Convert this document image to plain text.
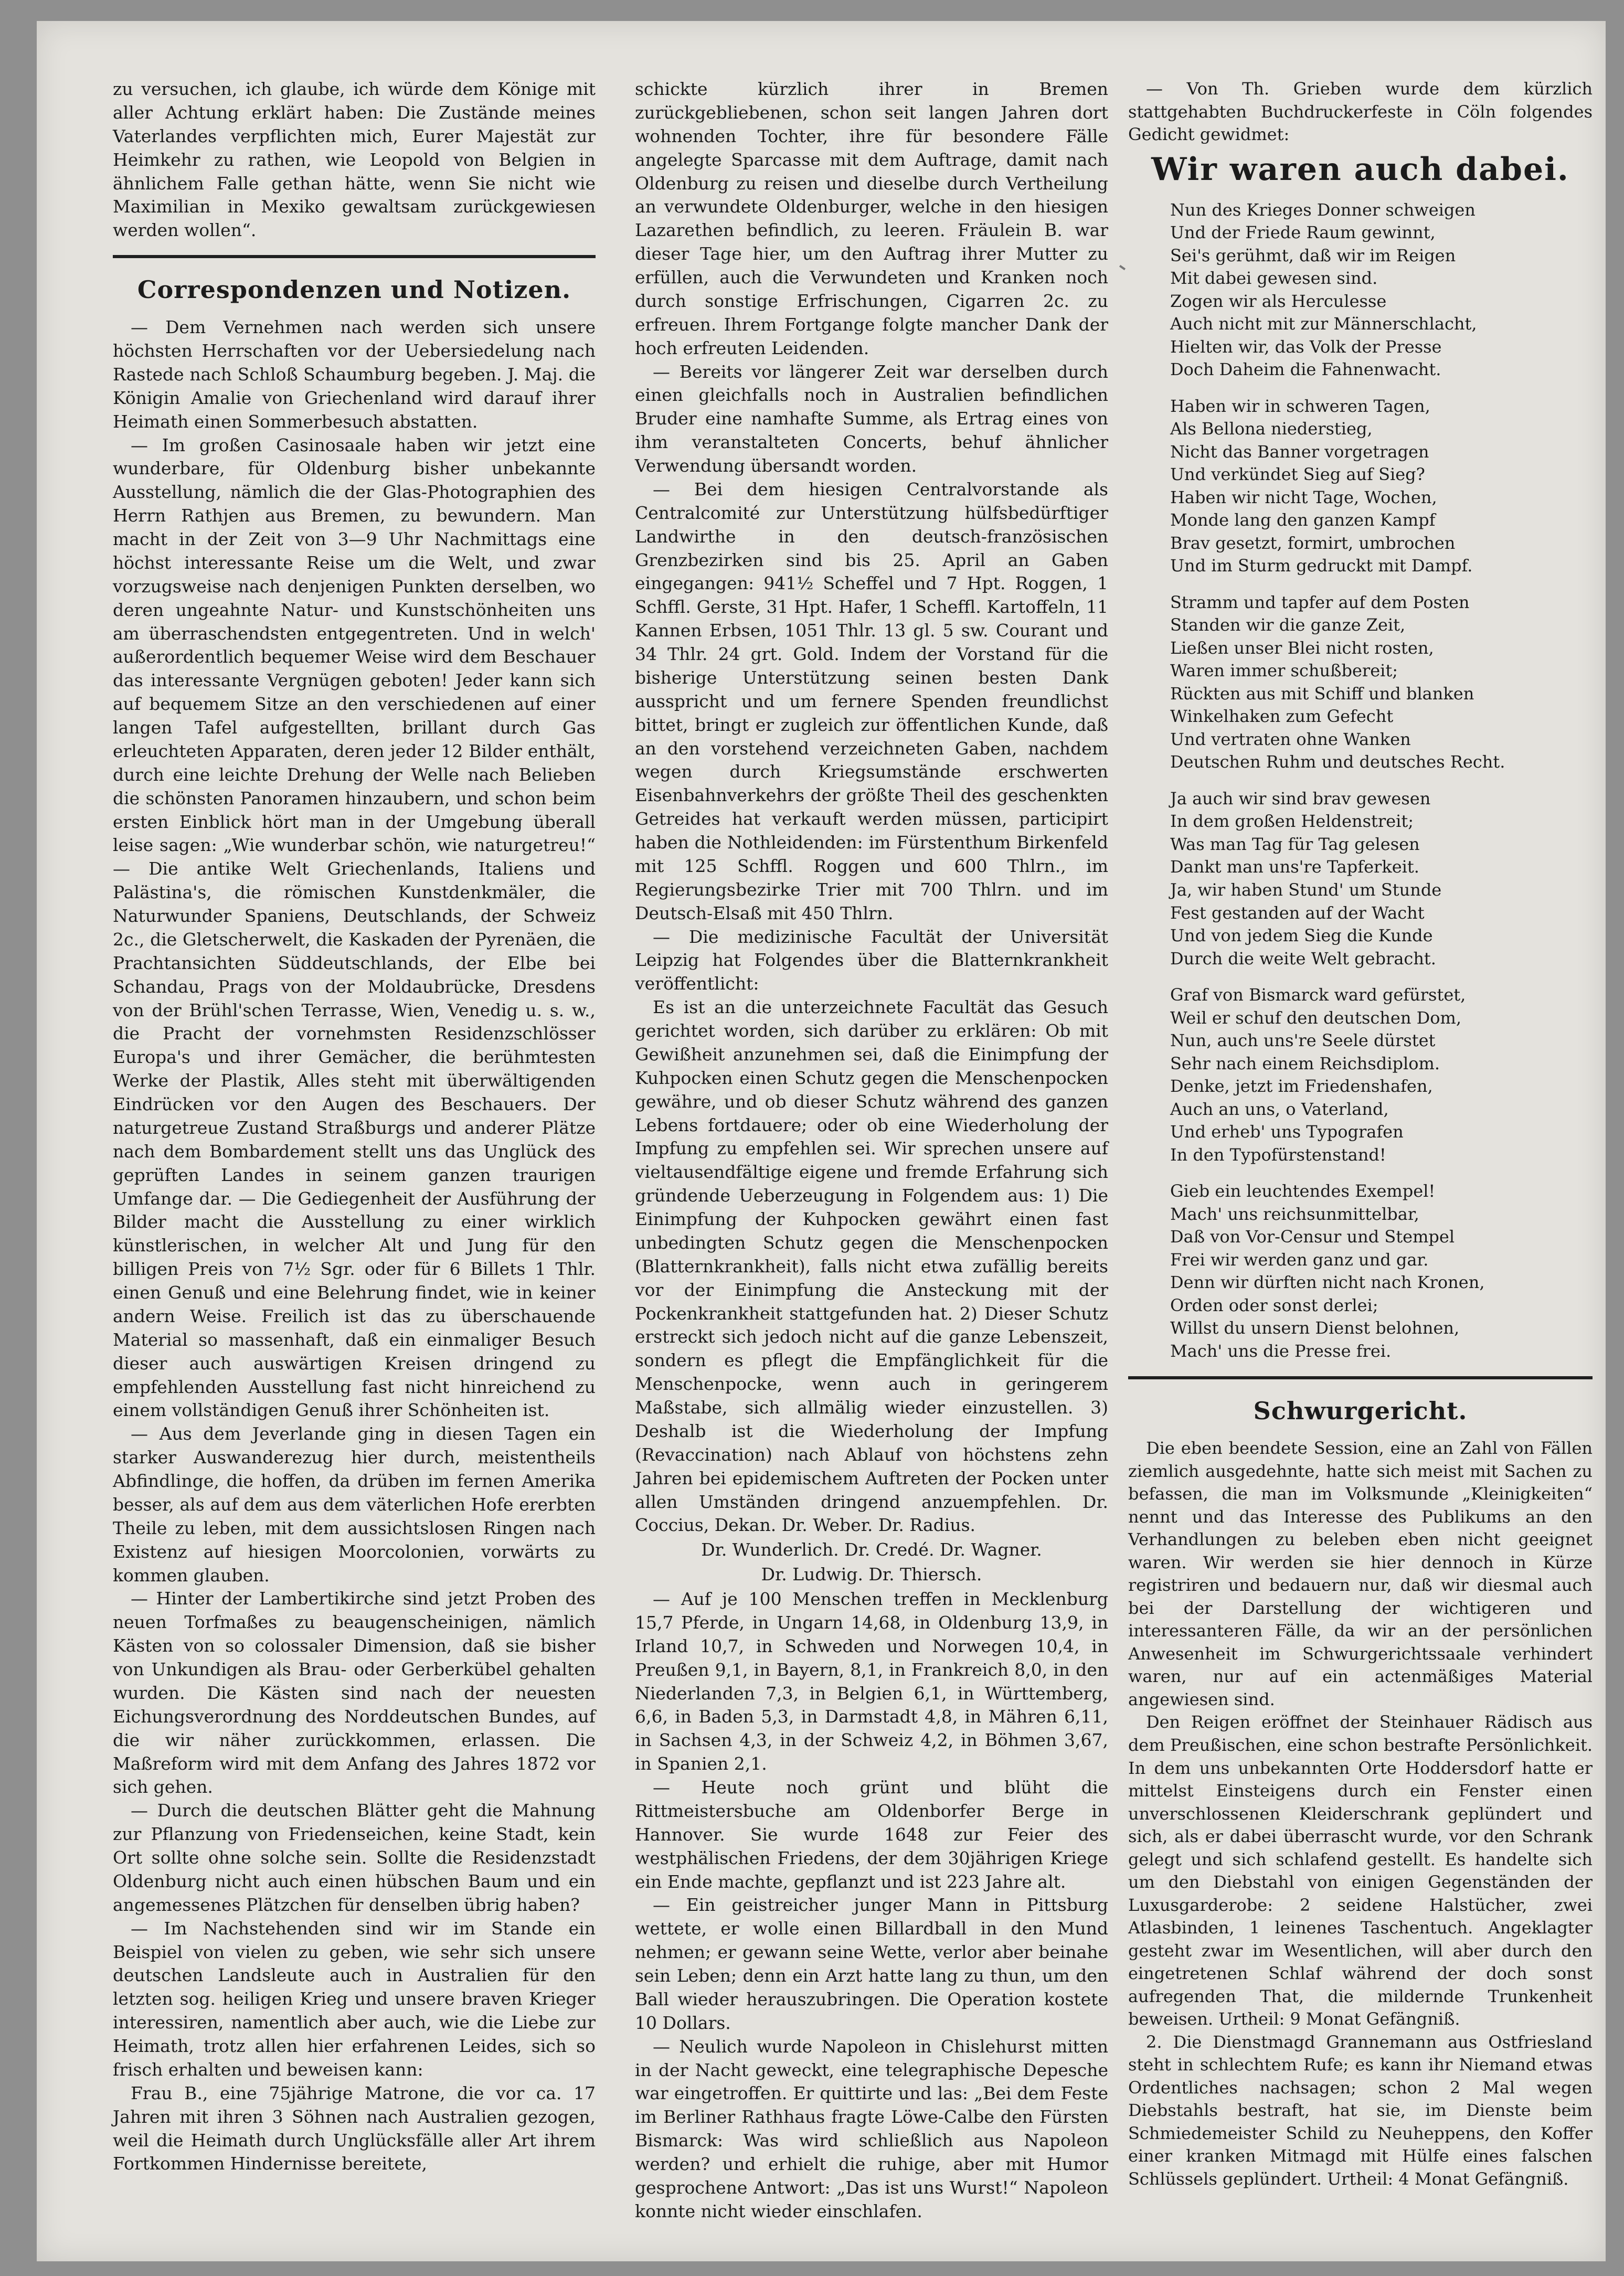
zu versuchen, ich glaube, ich würde dem Könige mit aller Achtung erklärt haben: Die Zustände meines Vaterlandes verpflichten mich, Eurer Majestät zur Heimkehr zu rathen, wie Leopold von Belgien in ähnlichem Falle gethan hätte, wenn Sie nicht wie Maximilian in Mexiko gewaltsam zurückgewiesen werden wollen“.

Correspondenzen und Notizen.

— Dem Vernehmen nach werden sich unsere höchsten Herrschaften vor der Uebersiedelung nach Rastede nach Schloß Schaumburg begeben. J. Maj. die Königin Amalie von Griechenland wird darauf ihrer Heimath einen Sommerbesuch abstatten.

— Im großen Casinosaale haben wir jetzt eine wunderbare, für Oldenburg bisher unbekannte Ausstellung, nämlich die der Glas-Photographien des Herrn Rathjen aus Bremen, zu bewundern. Man macht in der Zeit von 3—9 Uhr Nachmittags eine höchst interessante Reise um die Welt, und zwar vorzugsweise nach denjenigen Punkten derselben, wo deren ungeahnte Natur- und Kunstschönheiten uns am überraschendsten entgegentreten. Und in welch' außerordentlich bequemer Weise wird dem Beschauer das interessante Vergnügen geboten! Jeder kann sich auf bequemem Sitze an den verschiedenen auf einer langen Tafel aufgestellten, brillant durch Gas erleuchteten Apparaten, deren jeder 12 Bilder enthält, durch eine leichte Drehung der Welle nach Belieben die schönsten Panoramen hinzaubern, und schon beim ersten Einblick hört man in der Umgebung überall leise sagen: „Wie wunderbar schön, wie naturgetreu!“ — Die antike Welt Griechenlands, Italiens und Palästina's, die römischen Kunstdenkmäler, die Naturwunder Spaniens, Deutschlands, der Schweiz 2c., die Gletscherwelt, die Kaskaden der Pyrenäen, die Prachtansichten Süddeutschlands, der Elbe bei Schandau, Prags von der Moldaubrücke, Dresdens von der Brühl'schen Terrasse, Wien, Venedig u. s. w., die Pracht der vornehmsten Residenzschlösser Europa's und ihrer Gemächer, die berühmtesten Werke der Plastik, Alles steht mit überwältigenden Eindrücken vor den Augen des Beschauers. Der naturgetreue Zustand Straßburgs und anderer Plätze nach dem Bombardement stellt uns das Unglück des geprüften Landes in seinem ganzen traurigen Umfange dar. — Die Gediegenheit der Ausführung der Bilder macht die Ausstellung zu einer wirklich künstlerischen, in welcher Alt und Jung für den billigen Preis von 7½ Sgr. oder für 6 Billets 1 Thlr. einen Genuß und eine Belehrung findet, wie in keiner andern Weise. Freilich ist das zu überschauende Material so massenhaft, daß ein einmaliger Besuch dieser auch auswärtigen Kreisen dringend zu empfehlenden Ausstellung fast nicht hinreichend zu einem vollständigen Genuß ihrer Schönheiten ist.

— Aus dem Jeverlande ging in diesen Tagen ein starker Auswanderezug hier durch, meistentheils Abfindlinge, die hoffen, da drüben im fernen Amerika besser, als auf dem aus dem väterlichen Hofe ererbten Theile zu leben, mit dem aussichtslosen Ringen nach Existenz auf hiesigen Moorcolonien, vorwärts zu kommen glauben.

— Hinter der Lambertikirche sind jetzt Proben des neuen Torfmaßes zu beaugenscheinigen, nämlich Kästen von so colossaler Dimension, daß sie bisher von Unkundigen als Brau- oder Gerberkübel gehalten wurden. Die Kästen sind nach der neuesten Eichungsverordnung des Norddeutschen Bundes, auf die wir näher zurückkommen, erlassen. Die Maßreform wird mit dem Anfang des Jahres 1872 vor sich gehen.

— Durch die deutschen Blätter geht die Mahnung zur Pflanzung von Friedenseichen, keine Stadt, kein Ort sollte ohne solche sein. Sollte die Residenzstadt Oldenburg nicht auch einen hübschen Baum und ein angemessenes Plätzchen für denselben übrig haben?

— Im Nachstehenden sind wir im Stande ein Beispiel von vielen zu geben, wie sehr sich unsere deutschen Landsleute auch in Australien für den letzten sog. heiligen Krieg und unsere braven Krieger interessiren, namentlich aber auch, wie die Liebe zur Heimath, trotz allen hier erfahrenen Leides, sich so frisch erhalten und beweisen kann:

Frau B., eine 75jährige Matrone, die vor ca. 17 Jahren mit ihren 3 Söhnen nach Australien gezogen, weil die Heimath durch Unglücksfälle aller Art ihrem Fortkommen Hindernisse bereitete,

schickte kürzlich ihrer in Bremen zurückgebliebenen, schon seit langen Jahren dort wohnenden Tochter, ihre für besondere Fälle angelegte Sparcasse mit dem Auftrage, damit nach Oldenburg zu reisen und dieselbe durch Vertheilung an verwundete Oldenburger, welche in den hiesigen Lazarethen befindlich, zu leeren. Fräulein B. war dieser Tage hier, um den Auftrag ihrer Mutter zu erfüllen, auch die Verwundeten und Kranken noch durch sonstige Erfrischungen, Cigarren 2c. zu erfreuen. Ihrem Fortgange folgte mancher Dank der hoch erfreuten Leidenden.

— Bereits vor längerer Zeit war derselben durch einen gleichfalls noch in Australien befindlichen Bruder eine namhafte Summe, als Ertrag eines von ihm veranstalteten Concerts, behuf ähnlicher Verwendung übersandt worden.

— Bei dem hiesigen Centralvorstande als Centralcomité zur Unterstützung hülfsbedürftiger Landwirthe in den deutsch-französischen Grenzbezirken sind bis 25. April an Gaben eingegangen: 941½ Scheffel und 7 Hpt. Roggen, 1 Schffl. Gerste, 31 Hpt. Hafer, 1 Scheffl. Kartoffeln, 11 Kannen Erbsen, 1051 Thlr. 13 gl. 5 sw. Courant und 34 Thlr. 24 grt. Gold. Indem der Vorstand für die bisherige Unterstützung seinen besten Dank ausspricht und um fernere Spenden freundlichst bittet, bringt er zugleich zur öffentlichen Kunde, daß an den vorstehend verzeichneten Gaben, nachdem wegen durch Kriegsumstände erschwerten Eisenbahnverkehrs der größte Theil des geschenkten Getreides hat verkauft werden müssen, participirt haben die Nothleidenden: im Fürstenthum Birkenfeld mit 125 Schffl. Roggen und 600 Thlrn., im Regierungsbezirke Trier mit 700 Thlrn. und im Deutsch-Elsaß mit 450 Thlrn.

— Die medizinische Facultät der Universität Leipzig hat Folgendes über die Blatternkrankheit veröffentlicht:

Es ist an die unterzeichnete Facultät das Gesuch gerichtet worden, sich darüber zu erklären: Ob mit Gewißheit anzunehmen sei, daß die Einimpfung der Kuhpocken einen Schutz gegen die Menschenpocken gewähre, und ob dieser Schutz während des ganzen Lebens fortdauere; oder ob eine Wiederholung der Impfung zu empfehlen sei. Wir sprechen unsere auf vieltausendfältige eigene und fremde Erfahrung sich gründende Ueberzeugung in Folgendem aus: 1) Die Einimpfung der Kuhpocken gewährt einen fast unbedingten Schutz gegen die Menschenpocken (Blatternkrankheit), falls nicht etwa zufällig bereits vor der Einimpfung die Ansteckung mit der Pockenkrankheit stattgefunden hat. 2) Dieser Schutz erstreckt sich jedoch nicht auf die ganze Lebenszeit, sondern es pflegt die Empfänglichkeit für die Menschenpocke, wenn auch in geringerem Maßstabe, sich allmälig wieder einzustellen. 3) Deshalb ist die Wiederholung der Impfung (Revaccination) nach Ablauf von höchstens zehn Jahren bei epidemischem Auftreten der Pocken unter allen Umständen dringend anzuempfehlen. Dr. Coccius, Dekan. Dr. Weber. Dr. Radius.

Dr. Wunderlich. Dr. Credé. Dr. Wagner.
Dr. Ludwig. Dr. Thiersch.

— Auf je 100 Menschen treffen in Mecklenburg 15,7 Pferde, in Ungarn 14,68, in Oldenburg 13,9, in Irland 10,7, in Schweden und Norwegen 10,4, in Preußen 9,1, in Bayern, 8,1, in Frankreich 8,0, in den Niederlanden 7,3, in Belgien 6,1, in Württemberg, 6,6, in Baden 5,3, in Darmstadt 4,8, in Mähren 6,11, in Sachsen 4,3, in der Schweiz 4,2, in Böhmen 3,67, in Spanien 2,1.

— Heute noch grünt und blüht die Rittmeistersbuche am Oldenborfer Berge in Hannover. Sie wurde 1648 zur Feier des westphälischen Friedens, der dem 30jährigen Kriege ein Ende machte, gepflanzt und ist 223 Jahre alt.

— Ein geistreicher junger Mann in Pittsburg wettete, er wolle einen Billardball in den Mund nehmen; er gewann seine Wette, verlor aber beinahe sein Leben; denn ein Arzt hatte lang zu thun, um den Ball wieder herauszubringen. Die Operation kostete 10 Dollars.

— Neulich wurde Napoleon in Chislehurst mitten in der Nacht geweckt, eine telegraphische Depesche war eingetroffen. Er quittirte und las: „Bei dem Feste im Berliner Rathhaus fragte Löwe-Calbe den Fürsten Bismarck: Was wird schließlich aus Napoleon werden? und erhielt die ruhige, aber mit Humor gesprochene Antwort: „Das ist uns Wurst!“ Napoleon konnte nicht wieder einschlafen.

— Von Th. Grieben wurde dem kürzlich stattgehabten Buchdruckerfeste in Cöln folgendes Gedicht gewidmet:

Wir waren auch dabei.
Nun des Krieges Donner schweigen
Und der Friede Raum gewinnt,
Sei's gerühmt, daß wir im Reigen
Mit dabei gewesen sind.
Zogen wir als Herculesse
Auch nicht mit zur Männerschlacht,
Hielten wir, das Volk der Presse
Doch Daheim die Fahnenwacht.
Haben wir in schweren Tagen,
Als Bellona niederstieg,
Nicht das Banner vorgetragen
Und verkündet Sieg auf Sieg?
Haben wir nicht Tage, Wochen,
Monde lang den ganzen Kampf
Brav gesetzt, formirt, umbrochen
Und im Sturm gedruckt mit Dampf.
Stramm und tapfer auf dem Posten
Standen wir die ganze Zeit,
Ließen unser Blei nicht rosten,
Waren immer schußbereit;
Rückten aus mit Schiff und blanken
Winkelhaken zum Gefecht
Und vertraten ohne Wanken
Deutschen Ruhm und deutsches Recht.
Ja auch wir sind brav gewesen
In dem großen Heldenstreit;
Was man Tag für Tag gelesen
Dankt man uns're Tapferkeit.
Ja, wir haben Stund' um Stunde
Fest gestanden auf der Wacht
Und von jedem Sieg die Kunde
Durch die weite Welt gebracht.
Graf von Bismarck ward gefürstet,
Weil er schuf den deutschen Dom,
Nun, auch uns're Seele dürstet
Sehr nach einem Reichsdiplom.
Denke, jetzt im Friedenshafen,
Auch an uns, o Vaterland,
Und erheb' uns Typografen
In den Typofürstenstand!
Gieb ein leuchtendes Exempel!
Mach' uns reichsunmittelbar,
Daß von Vor-Censur und Stempel
Frei wir werden ganz und gar.
Denn wir dürften nicht nach Kronen,
Orden oder sonst derlei;
Willst du unsern Dienst belohnen,
Mach' uns die Presse frei.
Schwurgericht.

Die eben beendete Session, eine an Zahl von Fällen ziemlich ausgedehnte, hatte sich meist mit Sachen zu befassen, die man im Volksmunde „Kleinigkeiten“ nennt und das Interesse des Publikums an den Verhandlungen zu beleben eben nicht geeignet waren. Wir werden sie hier dennoch in Kürze registriren und bedauern nur, daß wir diesmal auch bei der Darstellung der wichtigeren und interessanteren Fälle, da wir an der persönlichen Anwesenheit im Schwurgerichtssaale verhindert waren, nur auf ein actenmäßiges Material angewiesen sind.

Den Reigen eröffnet der Steinhauer Rädisch aus dem Preußischen, eine schon bestrafte Persönlichkeit. In dem uns unbekannten Orte Hoddersdorf hatte er mittelst Einsteigens durch ein Fenster einen unverschlossenen Kleiderschrank geplündert und sich, als er dabei überrascht wurde, vor den Schrank gelegt und sich schlafend gestellt. Es handelte sich um den Diebstahl von einigen Gegenständen der Luxusgarderobe: 2 seidene Halstücher, zwei Atlasbinden, 1 leinenes Taschentuch. Angeklagter gesteht zwar im Wesentlichen, will aber durch den eingetretenen Schlaf während der doch sonst aufregenden That, die mildernde Trunkenheit beweisen. Urtheil: 9 Monat Gefängniß.

2. Die Dienstmagd Grannemann aus Ostfriesland steht in schlechtem Rufe; es kann ihr Niemand etwas Ordentliches nachsagen; schon 2 Mal wegen Diebstahls bestraft, hat sie, im Dienste beim Schmiedemeister Schild zu Neuheppens, den Koffer einer kranken Mitmagd mit Hülfe eines falschen Schlüssels geplündert. Urtheil: 4 Monat Gefängniß.
